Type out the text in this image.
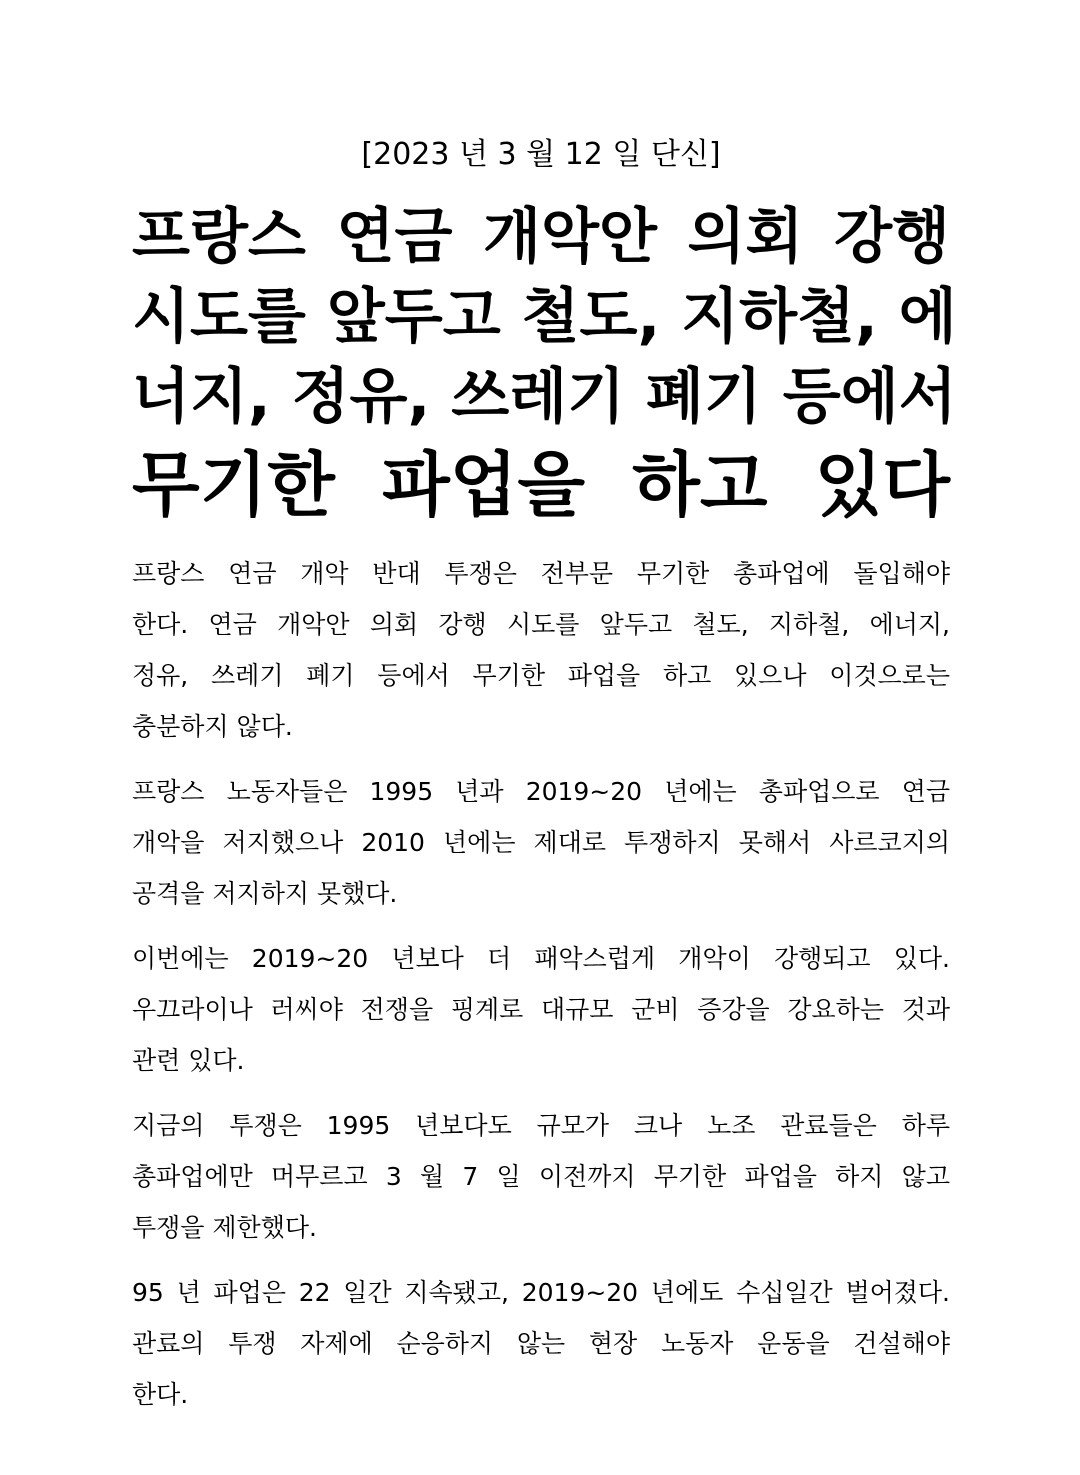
[2023 년 3 월 12 일 단신]

프랑스 연금 개악안 의회 강행
시도를 앞두고 철도, 지하철, 에
너지, 정유, 쓰레기 폐기 등에서
무기한 파업을 하고 있다

프랑스 연금 개악 반대 투쟁은 전부문 무기한 총파업에 돌입해야
한다. 연금 개악안 의회 강행 시도를 앞두고 철도, 지하철, 에너지,
정유, 쓰레기 폐기 등에서 무기한 파업을 하고 있으나 이것으로는
충분하지 않다.

프랑스 노동자들은 1995 년과 2019~20 년에는 총파업으로 연금
개악을 저지했으나 2010 년에는 제대로 투쟁하지 못해서 사르코지의
공격을 저지하지 못했다.

이번에는 2019~20 년보다 더 패악스럽게 개악이 강행되고 있다.
우끄라이나 러씨야 전쟁을 핑계로 대규모 군비 증강을 강요하는 것과
관련 있다.

지금의 투쟁은 1995 년보다도 규모가 크나 노조 관료들은 하루
총파업에만 머무르고 3 월 7 일 이전까지 무기한 파업을 하지 않고
투쟁을 제한했다.

95 년 파업은 22 일간 지속됐고, 2019~20 년에도 수십일간 벌어졌다.
관료의 투쟁 자제에 순응하지 않는 현장 노동자 운동을 건설해야
한다.
